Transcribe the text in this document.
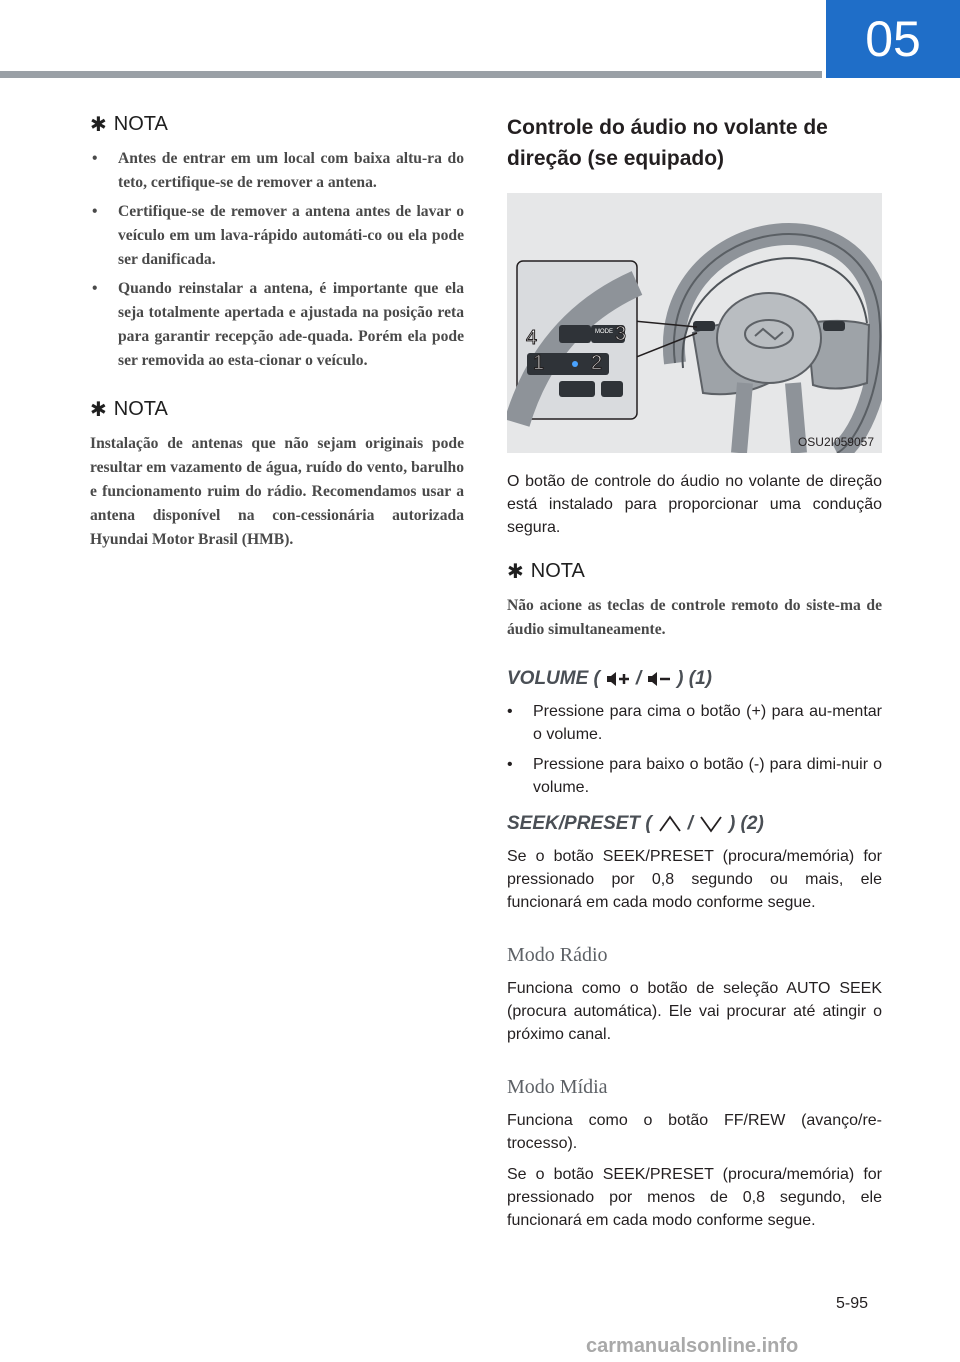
05
✱ NOTA
• Antes de entrar em um local com baixa altu-ra do teto, certifique-se de remover a antena.
• Certifique-se de remover a antena antes de lavar o veículo em um lava-rápido automáti-co ou ela pode ser danificada.
• Quando reinstalar a antena, é importante que ela seja totalmente apertada e ajustada na posição reta para garantir recepção ade-quada. Porém ela pode ser removida ao esta-cionar o veículo.
✱ NOTA
Instalação de antenas que não sejam originais pode resultar em vazamento de água, ruído do vento, barulho e funcionamento ruim do rádio. Recomendamos usar a antena disponível na con-cessionária autorizada Hyundai Motor Brasil (HMB).
Controle do áudio no volante de direção (se equipado)
4
1 2
3
MODE
OSU2I059057
O botão de controle do áudio no volante de direção está instalado para proporcionar uma condução segura.
✱ NOTA
Não acione as teclas de controle remoto do siste-ma de áudio simultaneamente.
VOLUME ( / ) (1)
• Pressione para cima o botão (+) para au-mentar o volume.
• Pressione para baixo o botão (-) para dimi-nuir o volume.
SEEK/PRESET ( / ) (2)
Se o botão SEEK/PRESET (procura/memória) for pressionado por 0,8 segundo ou mais, ele funcionará em cada modo conforme segue.
Modo Rádio
Funciona como o botão de seleção AUTO SEEK (procura automática). Ele vai procurar até atingir o próximo canal.
Modo Mídia
Funciona como o botão FF/REW (avanço/re-trocesso).
Se o botão SEEK/PRESET (procura/memória) for pressionado por menos de 0,8 segundo, ele funcionará em cada modo conforme segue.
5-95
carmanualsonline.info
